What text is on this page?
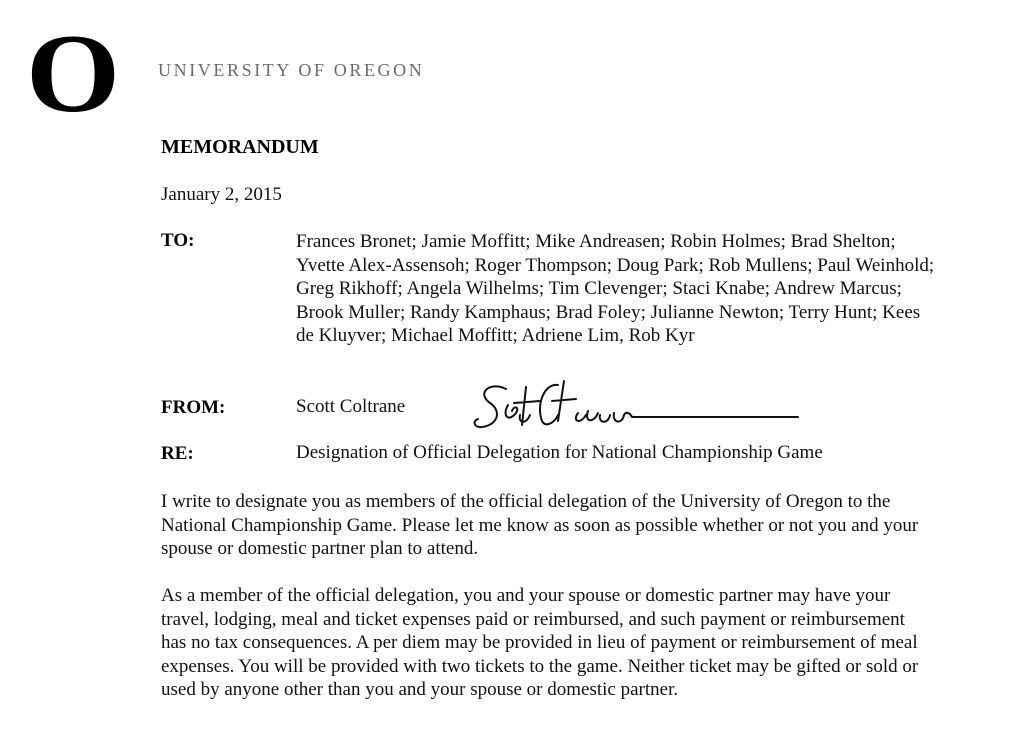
O UNIVERSITY OF OREGON
MEMORANDUM
January 2, 2015
TO:	Frances Bronet; Jamie Moffitt; Mike Andreasen; Robin Holmes; Brad Shelton; Yvette Alex-Assensoh; Roger Thompson; Doug Park; Rob Mullens; Paul Weinhold; Greg Rikhoff; Angela Wilhelms; Tim Clevenger; Staci Knabe; Andrew Marcus; Brook Muller; Randy Kamphaus; Brad Foley; Julianne Newton; Terry Hunt; Kees de Kluyver; Michael Moffitt; Adriene Lim, Rob Kyr
FROM:	Scott Coltrane
RE:	Designation of Official Delegation for National Championship Game

I write to designate you as members of the official delegation of the University of Oregon to the National Championship Game. Please let me know as soon as possible whether or not you and your spouse or domestic partner plan to attend.

As a member of the official delegation, you and your spouse or domestic partner may have your travel, lodging, meal and ticket expenses paid or reimbursed, and such payment or reimbursement has no tax consequences. A per diem may be provided in lieu of payment or reimbursement of meal expenses. You will be provided with two tickets to the game. Neither ticket may be gifted or sold or used by anyone other than you and your spouse or domestic partner.
